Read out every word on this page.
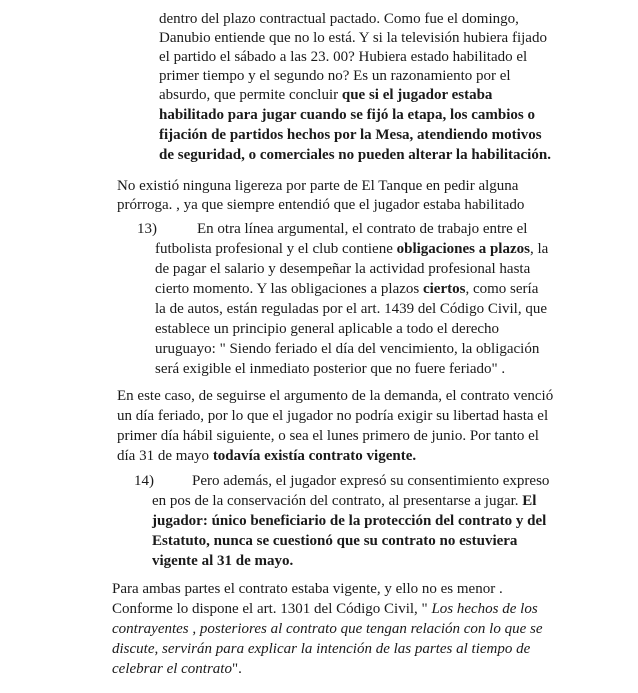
dentro del plazo contractual pactado. Como fue el domingo,
Danubio entiende que no lo está. Y si la televisión hubiera fijado
el partido el sábado a las 23. 00? Hubiera estado habilitado el
primer tiempo y el segundo no? Es un razonamiento por el
absurdo, que permite concluir que si el jugador estaba
habilitado para jugar cuando se fijó la etapa, los cambios o
fijación de partidos hechos por la Mesa, atendiendo motivos
de seguridad, o comerciales no pueden alterar la habilitación.
No existió ninguna ligereza por parte de El Tanque en pedir alguna
prórroga. , ya que siempre entendió que el jugador estaba habilitado
13)	En otra línea argumental, el contrato de trabajo entre el
futbolista profesional y el club contiene obligaciones a plazos, la
de pagar el salario y desempeñar la actividad profesional hasta
cierto momento. Y las obligaciones a plazos ciertos, como sería
la de autos, están reguladas por el art. 1439 del Código Civil, que
establece un principio general aplicable a todo el derecho
uruguayo: " Siendo feriado el día del vencimiento, la obligación
será exigible el inmediato posterior que no fuere feriado" .
En este caso, de seguirse el argumento de la demanda, el contrato venció
un día feriado, por lo que el jugador no podría exigir su libertad hasta el
primer día hábil siguiente, o sea el lunes primero de junio. Por tanto el
día 31 de mayo todavía existía contrato vigente.
14)	Pero además, el jugador expresó su consentimiento expreso
en pos de la conservación del contrato, al presentarse a jugar. El
jugador: único beneficiario de la protección del contrato y del
Estatuto, nunca se cuestionó que su contrato no estuviera
vigente al 31 de mayo.
Para ambas partes el contrato estaba vigente, y ello no es menor .
Conforme lo dispone el art. 1301 del Código Civil, " Los hechos de los
contrayentes , posteriores al contrato que tengan relación con lo que se
discute, servirán para explicar la intención de las partes al tiempo de
celebrar el contrato".
